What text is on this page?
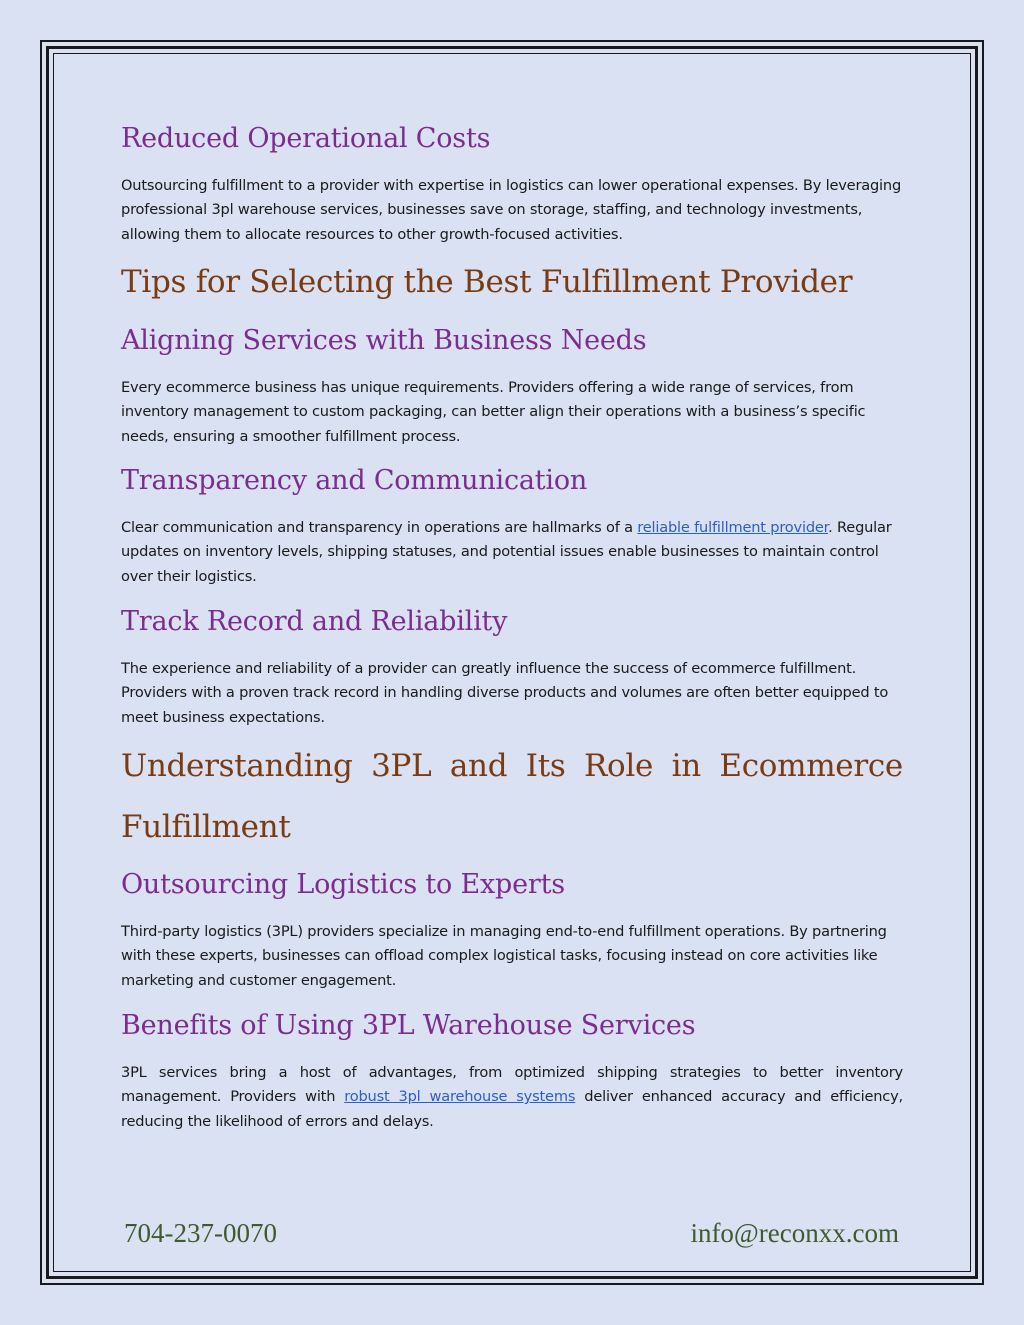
Reduced Operational Costs

Outsourcing fulfillment to a provider with expertise in logistics can lower operational expenses. By leveraging professional 3pl warehouse services, businesses save on storage, staffing, and technology investments, allowing them to allocate resources to other growth-focused activities.

Tips for Selecting the Best Fulfillment Provider
Aligning Services with Business Needs

Every ecommerce business has unique requirements. Providers offering a wide range of services, from inventory management to custom packaging, can better align their operations with a business’s specific needs, ensuring a smoother fulfillment process.

Transparency and Communication

Clear communication and transparency in operations are hallmarks of a reliable fulfillment provider. Regular updates on inventory levels, shipping statuses, and potential issues enable businesses to maintain control over their logistics.

Track Record and Reliability

The experience and reliability of a provider can greatly influence the success of ecommerce fulfillment. Providers with a proven track record in handling diverse products and volumes are often better equipped to meet business expectations.

Understanding 3PL and Its Role in Ecommerce
Fulfillment
Outsourcing Logistics to Experts

Third-party logistics (3PL) providers specialize in managing end-to-end fulfillment operations. By partnering with these experts, businesses can offload complex logistical tasks, focusing instead on core activities like marketing and customer engagement.

Benefits of Using 3PL Warehouse Services

3PL services bring a host of advantages, from optimized shipping strategies to better inventory
management. Providers with robust 3pl warehouse systems deliver enhanced accuracy and efficiency,
reducing the likelihood of errors and delays.

704-237-0070	info@reconxx.com
